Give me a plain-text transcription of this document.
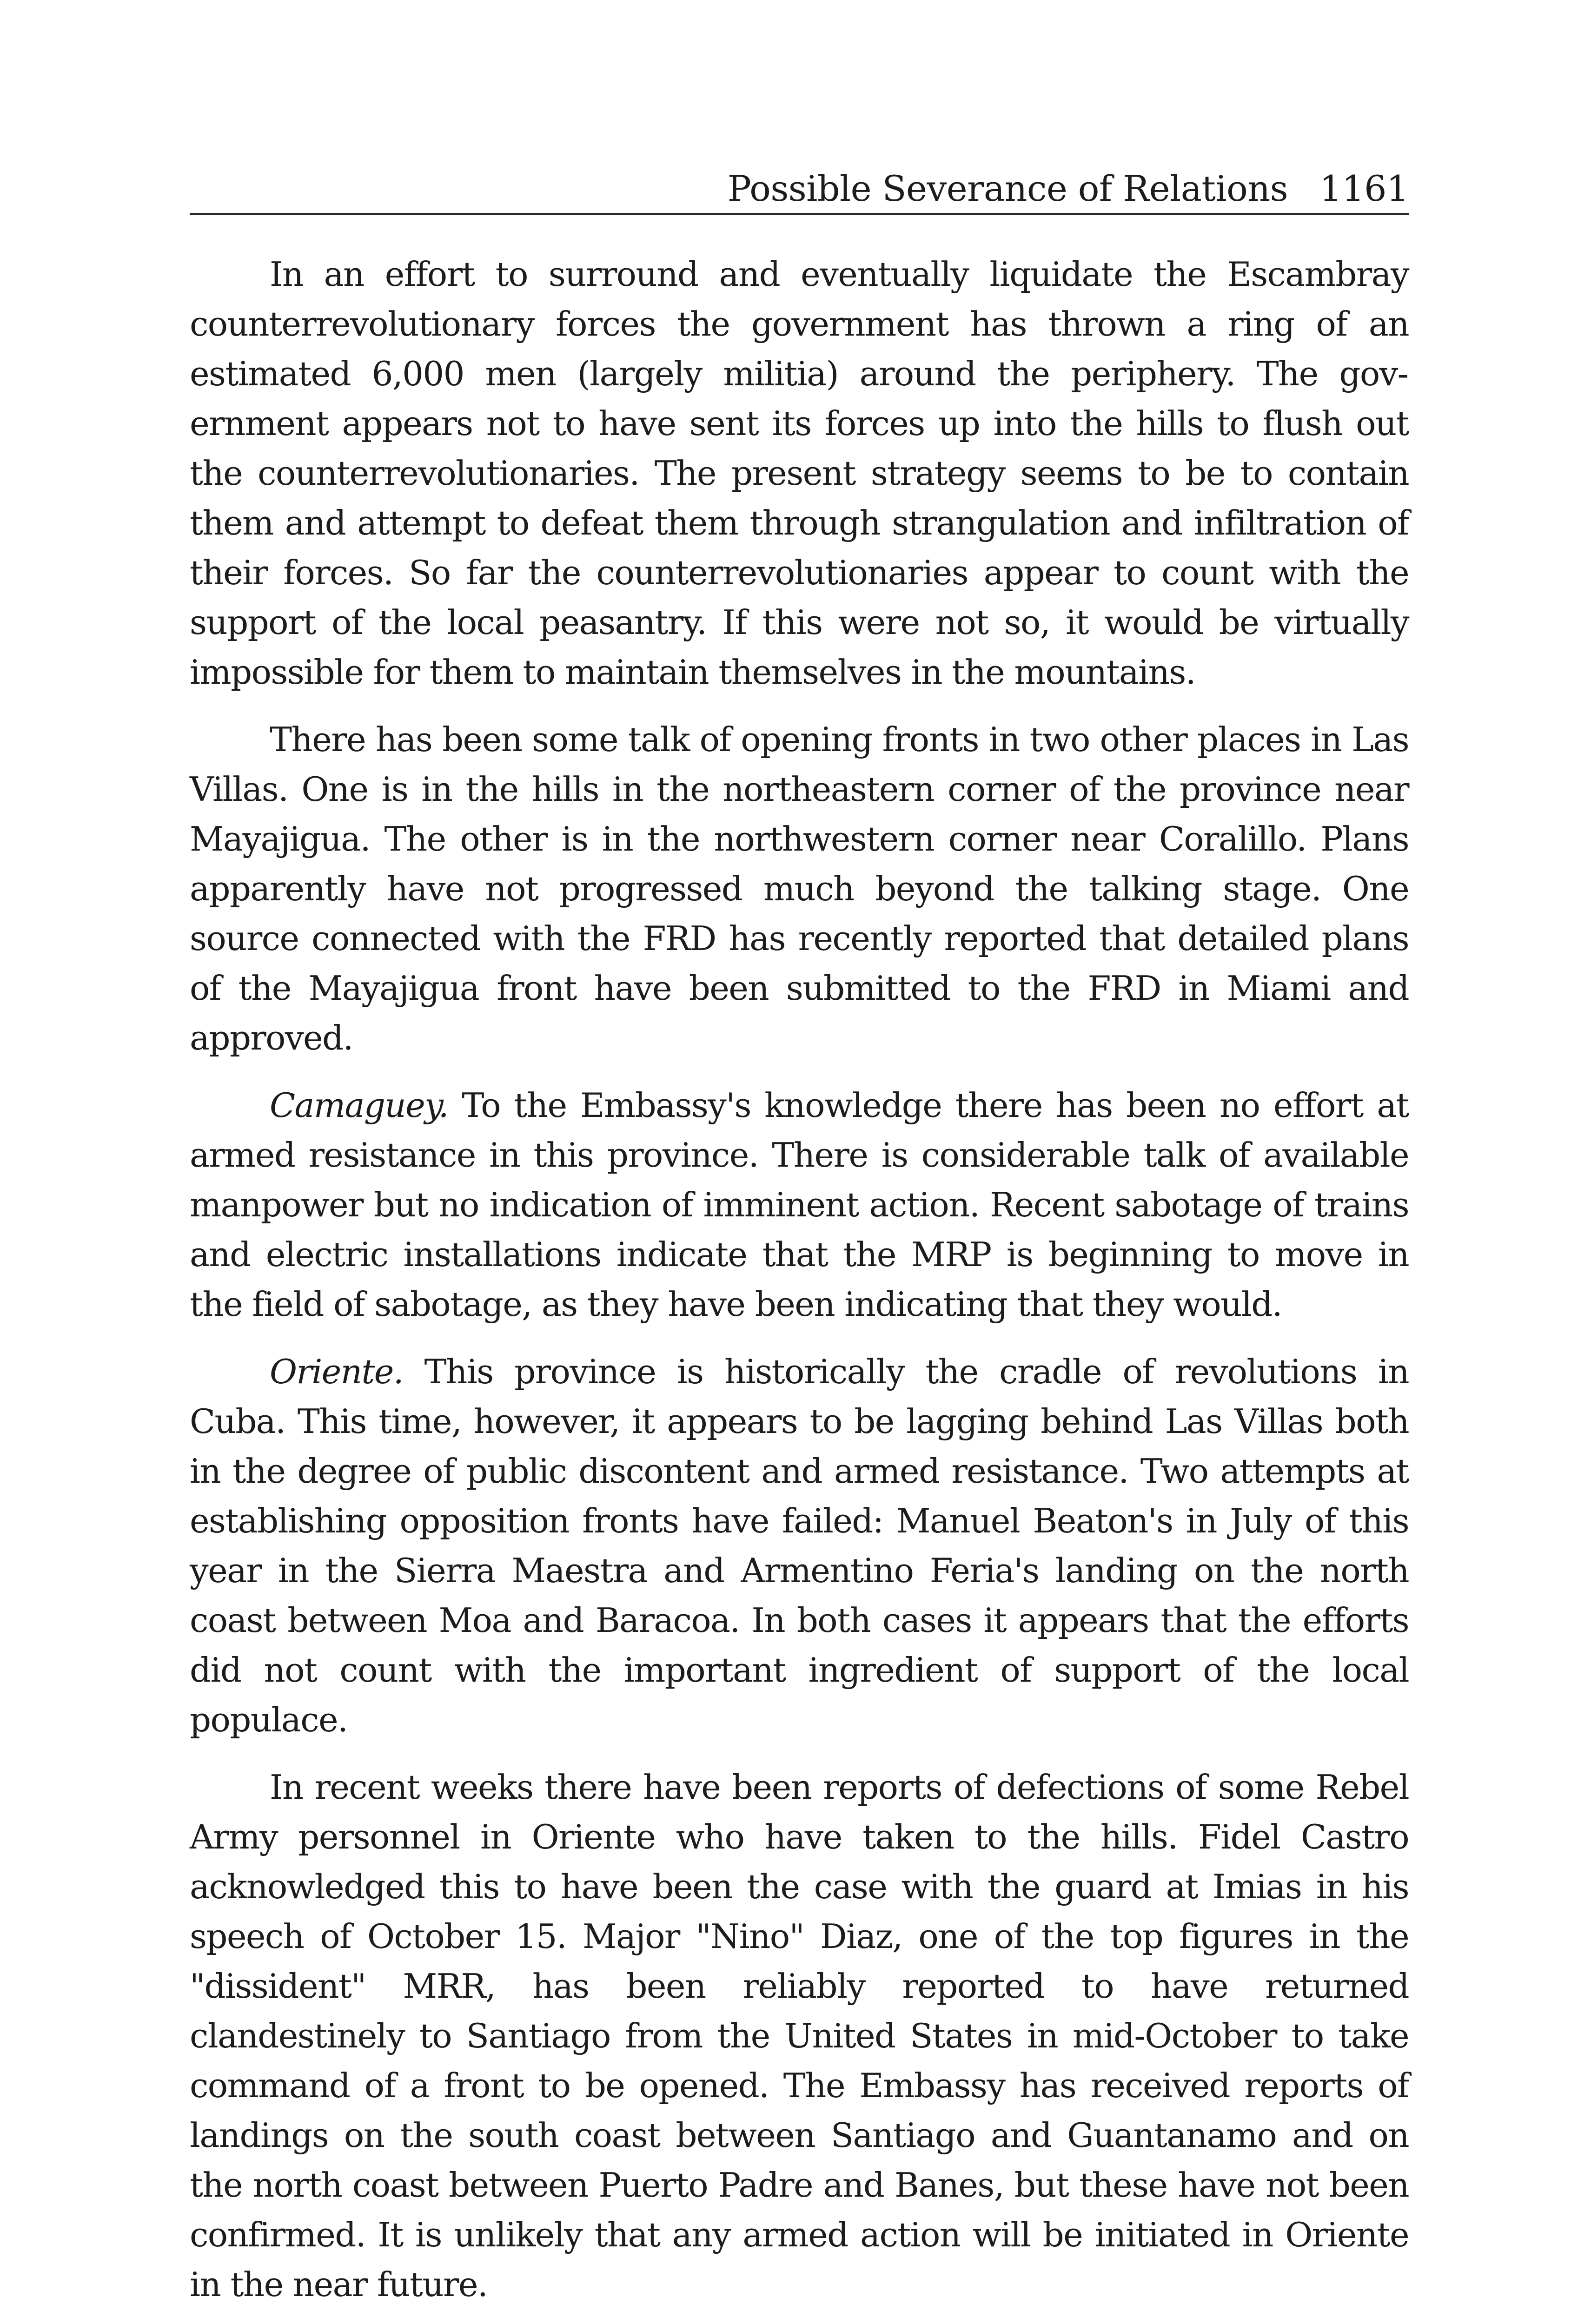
Possible Severance of Relations 1161

In an effort to surround and eventually liquidate the Escambray counterrevolutionary forces the government has thrown a ring of an estimated 6,000 men (largely militia) around the periphery. The government appears not to have sent its forces up into the hills to flush out the counterrevolutionaries. The present strategy seems to be to contain them and attempt to defeat them through strangulation and infiltration of their forces. So far the counterrevolutionaries appear to count with the support of the local peasantry. If this were not so, it would be virtually impossible for them to maintain themselves in the mountains.

There has been some talk of opening fronts in two other places in Las Villas. One is in the hills in the northeastern corner of the province near Mayajigua. The other is in the northwestern corner near Coralillo. Plans apparently have not progressed much beyond the talking stage. One source connected with the FRD has recently reported that detailed plans of the Mayajigua front have been submitted to the FRD in Miami and approved.

Camaguey. To the Embassy's knowledge there has been no effort at armed resistance in this province. There is considerable talk of available manpower but no indication of imminent action. Recent sabotage of trains and electric installations indicate that the MRP is beginning to move in the field of sabotage, as they have been indicating that they would.

Oriente. This province is historically the cradle of revolutions in Cuba. This time, however, it appears to be lagging behind Las Villas both in the degree of public discontent and armed resistance. Two attempts at establishing opposition fronts have failed: Manuel Beaton's in July of this year in the Sierra Maestra and Armentino Feria's landing on the north coast between Moa and Baracoa. In both cases it appears that the efforts did not count with the important ingredient of support of the local populace.

In recent weeks there have been reports of defections of some Rebel Army personnel in Oriente who have taken to the hills. Fidel Castro acknowledged this to have been the case with the guard at Imias in his speech of October 15. Major "Nino" Diaz, one of the top figures in the "dissident" MRR, has been reliably reported to have returned clandestinely to Santiago from the United States in mid-October to take command of a front to be opened. The Embassy has received reports of landings on the south coast between Santiago and Guantanamo and on the north coast between Puerto Padre and Banes, but these have not been confirmed. It is unlikely that any armed action will be initiated in Oriente in the near future.
